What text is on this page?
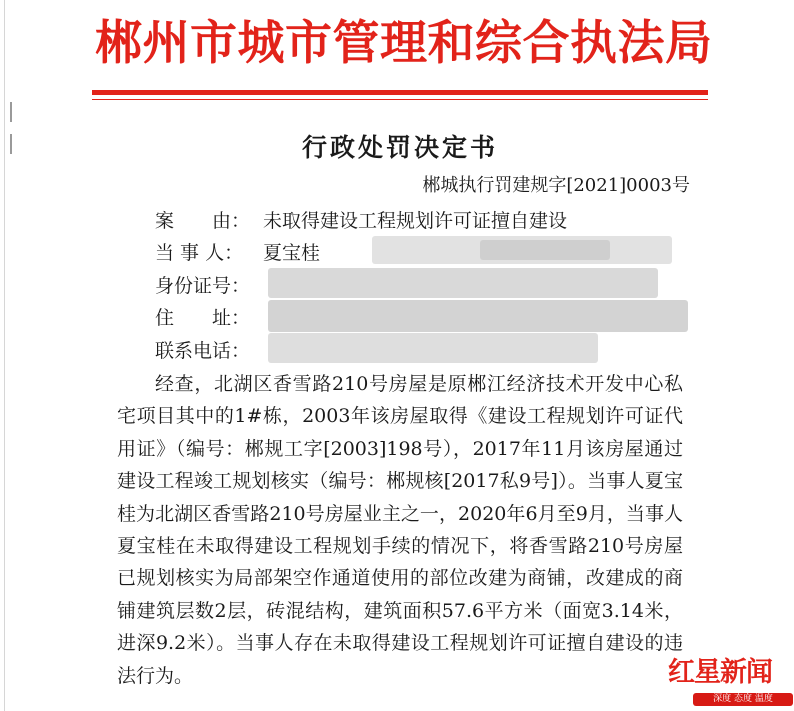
郴州市城市管理和综合执法局
行政处罚决定书
郴城执行罚建规字[2021]0003号
案　　由： 未取得建设工程规划许可证擅自建设
当 事 人： 夏宝桂
身份证号：
住　　址：
联系电话：

经查，北湖区香雪路210号房屋是原郴江经济技术开发中心私宅项目其中的1#栋，2003年该房屋取得《建设工程规划许可证代用证》（编号：郴规工字[2003]198号），2017年11月该房屋通过建设工程竣工规划核实（编号：郴规核[2017私9号]）。当事人夏宝桂为北湖区香雪路210号房屋业主之一，2020年6月至9月，当事人夏宝桂在未取得建设工程规划手续的情况下，将香雪路210号房屋已规划核实为局部架空作通道使用的部位改建为商铺，改建成的商铺建筑层数2层，砖混结构，建筑面积57.6平方米（面宽3.14米，进深9.2米）。当事人存在未取得建设工程规划许可证擅自建设的违法行为。	红星新闻
深度 态度 温度
